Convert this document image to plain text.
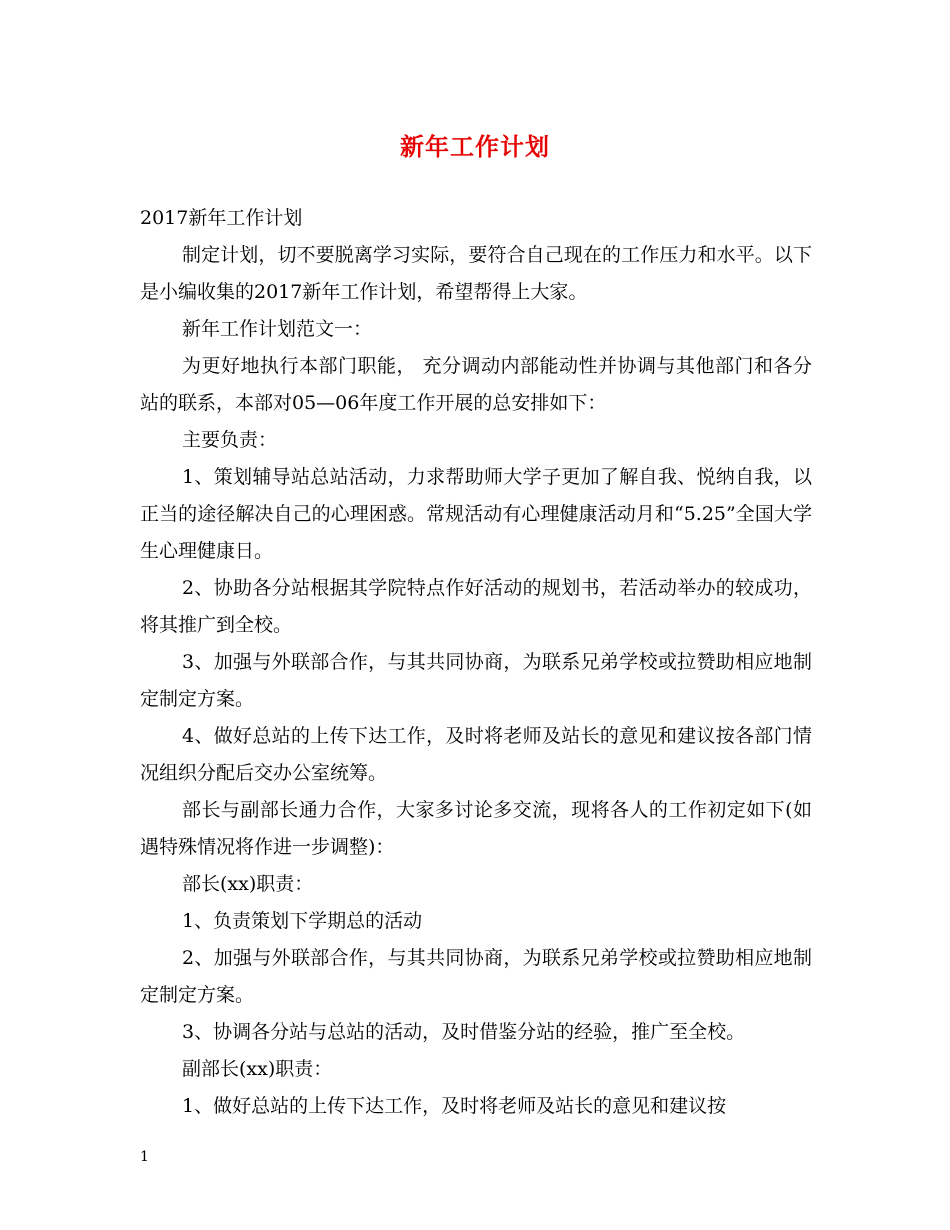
新年工作计划

2017新年工作计划

制定计划，切不要脱离学习实际，要符合自己现在的工作压力和水平。以下是小编收集的2017新年工作计划，希望帮得上大家。

新年工作计划范文一：

为更好地执行本部门职能， 充分调动内部能动性并协调与其他部门和各分站的联系，本部对05—06年度工作开展的总安排如下：

主要负责：

1、策划辅导站总站活动，力求帮助师大学子更加了解自我、悦纳自我，以正当的途径解决自己的心理困惑。常规活动有心理健康活动月和“5.25”全国大学生心理健康日。

2、协助各分站根据其学院特点作好活动的规划书，若活动举办的较成功，将其推广到全校。

3、加强与外联部合作，与其共同协商，为联系兄弟学校或拉赞助相应地制定制定方案。

4、做好总站的上传下达工作，及时将老师及站长的意见和建议按各部门情况组织分配后交办公室统筹。

部长与副部长通力合作，大家多讨论多交流，现将各人的工作初定如下(如遇特殊情况将作进一步调整)：

部长(xx)职责：

1、负责策划下学期总的活动

2、加强与外联部合作，与其共同协商，为联系兄弟学校或拉赞助相应地制定制定方案。

3、协调各分站与总站的活动，及时借鉴分站的经验，推广至全校。

副部长(xx)职责：

1、做好总站的上传下达工作，及时将老师及站长的意见和建议按

1
